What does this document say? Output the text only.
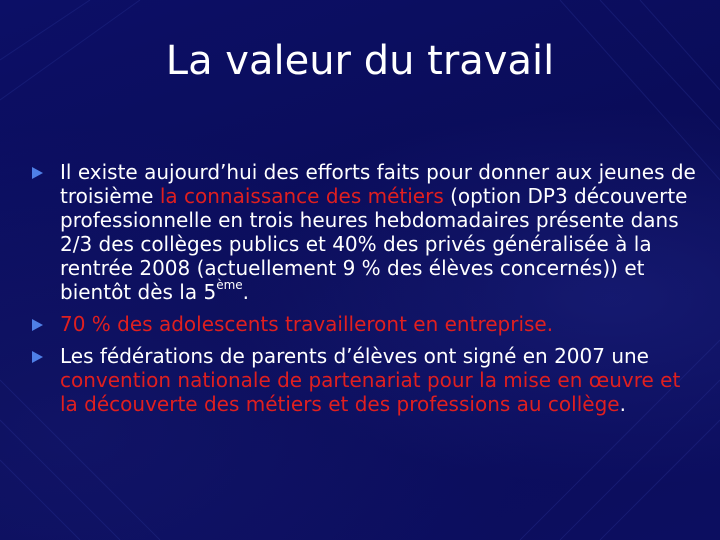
La valeur du travail
Il existe aujourd’hui des efforts faits pour donner aux jeunes de troisième la connaissance des métiers (option DP3 découverte professionnelle en trois heures hebdomadaires présente dans 2/3 des collèges publics et 40% des privés généralisée à la rentrée 2008 (actuellement 9 % des élèves concernés)) et bientôt dès la 5ème.
70 % des adolescents travailleront en entreprise.
Les fédérations de parents d’élèves ont signé en 2007 une convention nationale de partenariat pour la mise en œuvre et la découverte des métiers et des professions au collège.
